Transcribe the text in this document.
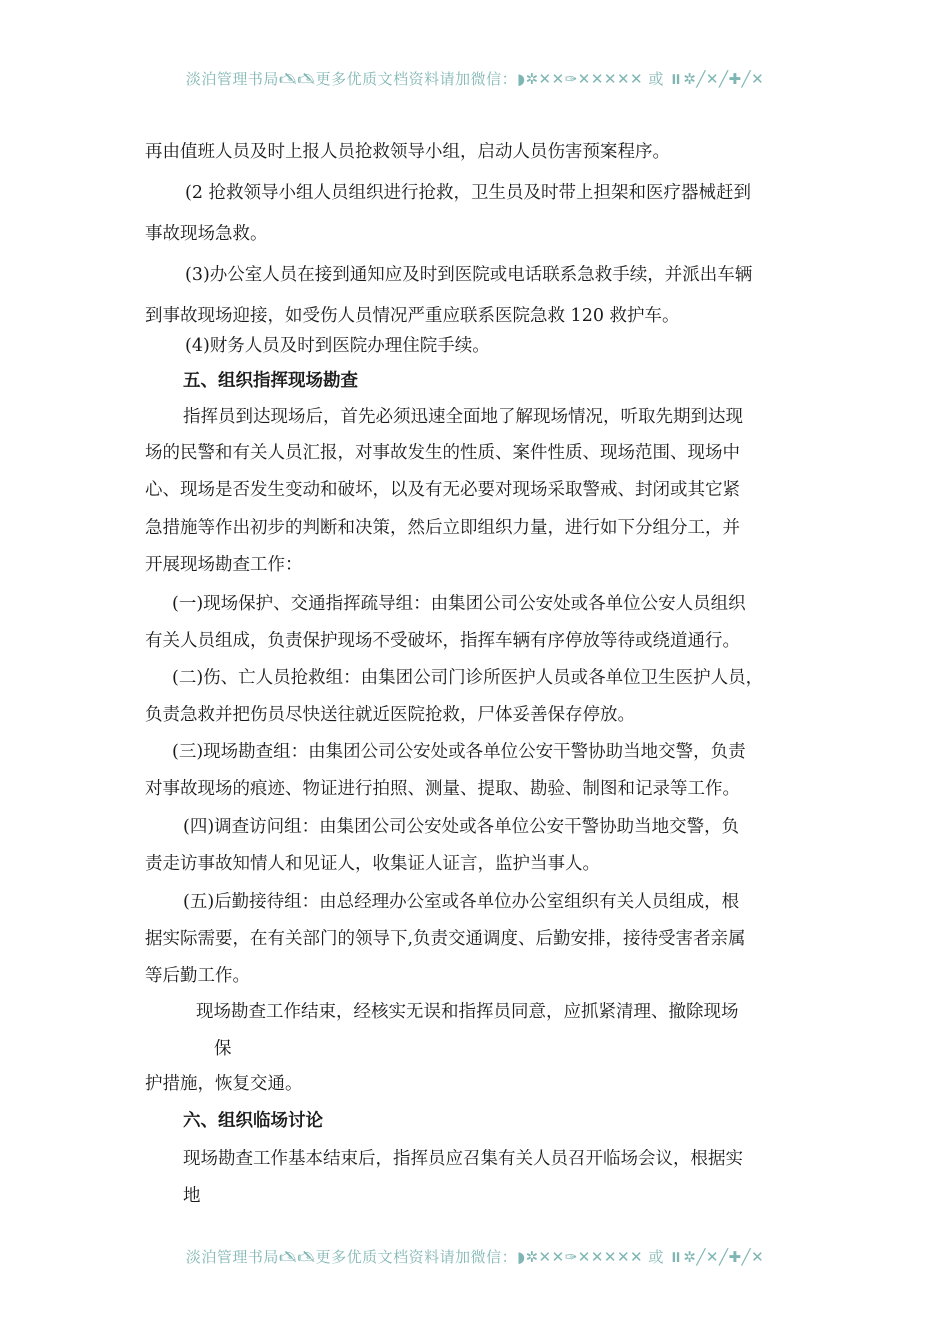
淡泊管理书局🖎🖎更多优质文档资料请加微信：◗✲✕✕✑✕✕✕✕✕ 或 ⏸✲╱✕╱✚╱✕
再由值班人员及时上报人员抢救领导小组，启动人员伤害预案程序。
(2 抢救领导小组人员组织进行抢救，卫生员及时带上担架和医疗器械赶到
事故现场急救。
(3)办公室人员在接到通知应及时到医院或电话联系急救手续，并派出车辆
到事故现场迎接，如受伤人员情况严重应联系医院急救 120 救护车。
(4)财务人员及时到医院办理住院手续。
五、组织指挥现场勘查
指挥员到达现场后，首先必须迅速全面地了解现场情况，听取先期到达现
场的民警和有关人员汇报，对事故发生的性质、案件性质、现场范围、现场中
心、现场是否发生变动和破坏，以及有无必要对现场采取警戒、封闭或其它紧
急措施等作出初步的判断和决策，然后立即组织力量，进行如下分组分工，并
开展现场勘查工作：
(一)现场保护、交通指挥疏导组：由集团公司公安处或各单位公安人员组织
有关人员组成，负责保护现场不受破坏，指挥车辆有序停放等待或绕道通行。
(二)伤、亡人员抢救组：由集团公司门诊所医护人员或各单位卫生医护人员，
负责急救并把伤员尽快送往就近医院抢救，尸体妥善保存停放。
(三)现场勘查组：由集团公司公安处或各单位公安干警协助当地交警，负责
对事故现场的痕迹、物证进行拍照、测量、提取、勘验、制图和记录等工作。
(四)调查访问组：由集团公司公安处或各单位公安干警协助当地交警，负
责走访事故知情人和见证人，收集证人证言，监护当事人。
(五)后勤接待组：由总经理办公室或各单位办公室组织有关人员组成，根
据实际需要，在有关部门的领导下,负责交通调度、后勤安排，接待受害者亲属
等后勤工作。
现场勘查工作结束，经核实无误和指挥员同意，应抓紧清理、撤除现场
保
护措施，恢复交通。
六、组织临场讨论
现场勘查工作基本结束后，指挥员应召集有关人员召开临场会议，根据实
地
淡泊管理书局🖎🖎更多优质文档资料请加微信：◗✲✕✕✑✕✕✕✕✕ 或 ⏸✲╱✕╱✚╱✕
